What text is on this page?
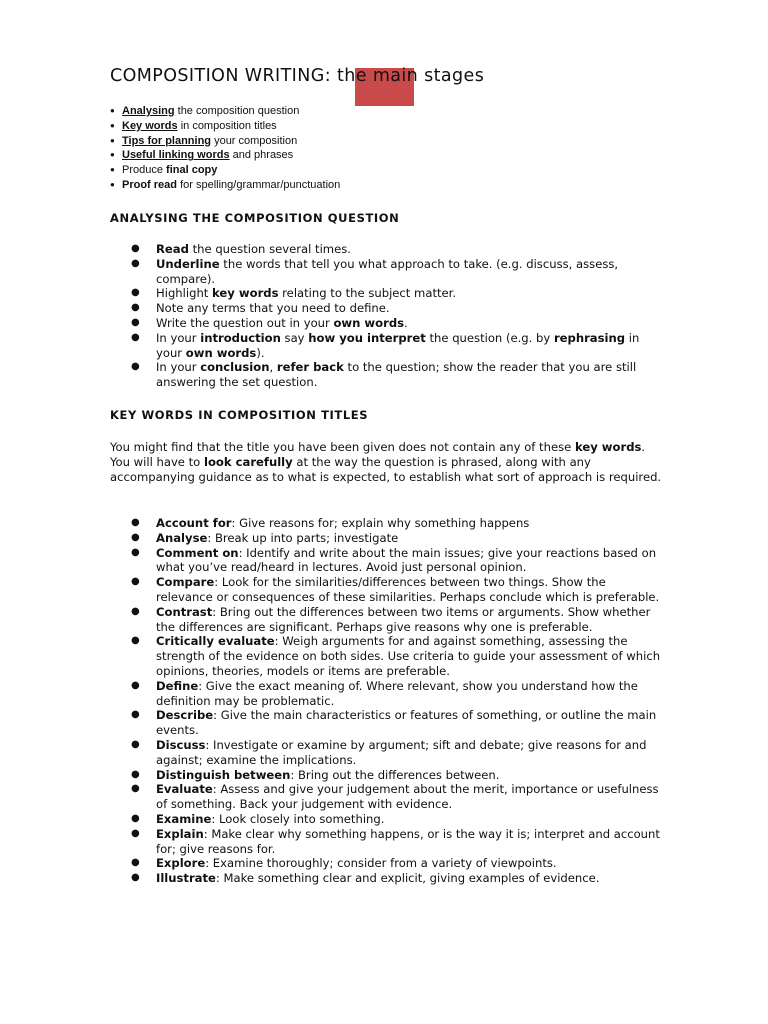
COMPOSITION WRITING: the main stages
● Analysing the composition question
● Key words in composition titles
● Tips for planning your composition
● Useful linking words and phrases
● Produce final copy
● Proof read for spelling/grammar/punctuation
ANALYSING THE COMPOSITION QUESTION
● Read the question several times.
● Underline the words that tell you what approach to take. (e.g. discuss, assess, compare).
● Highlight key words relating to the subject matter.
● Note any terms that you need to define.
● Write the question out in your own words.
● In your introduction say how you interpret the question (e.g. by rephrasing in your own words).
● In your conclusion, refer back to the question; show the reader that you are still answering the set question.
KEY WORDS IN COMPOSITION TITLES

You might find that the title you have been given does not contain any of these key words. You will have to look carefully at the way the question is phrased, along with any accompanying guidance as to what is expected, to establish what sort of approach is required.

● Account for: Give reasons for; explain why something happens
● Analyse: Break up into parts; investigate
● Comment on: Identify and write about the main issues; give your reactions based on what you’ve read/heard in lectures. Avoid just personal opinion.
● Compare: Look for the similarities/differences between two things. Show the relevance or consequences of these similarities. Perhaps conclude which is preferable.
● Contrast: Bring out the differences between two items or arguments. Show whether the differences are significant. Perhaps give reasons why one is preferable.
● Critically evaluate: Weigh arguments for and against something, assessing the strength of the evidence on both sides. Use criteria to guide your assessment of which opinions, theories, models or items are preferable.
● Define: Give the exact meaning of. Where relevant, show you understand how the definition may be problematic.
● Describe: Give the main characteristics or features of something, or outline the main events.
● Discuss: Investigate or examine by argument; sift and debate; give reasons for and against; examine the implications.
● Distinguish between: Bring out the differences between.
● Evaluate: Assess and give your judgement about the merit, importance or usefulness of something. Back your judgement with evidence.
● Examine: Look closely into something.
● Explain: Make clear why something happens, or is the way it is; interpret and account for; give reasons for.
● Explore: Examine thoroughly; consider from a variety of viewpoints.
● Illustrate: Make something clear and explicit, giving examples of evidence.
